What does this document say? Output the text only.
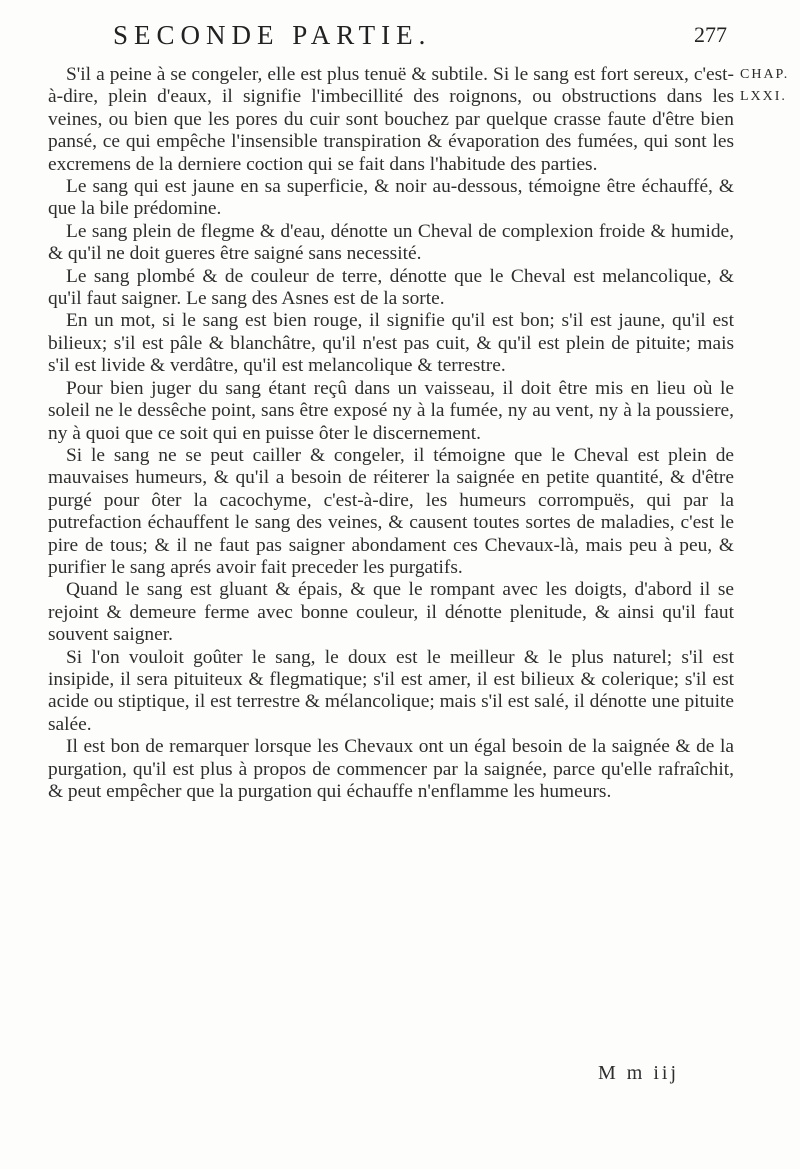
SECONDE PARTIE.	277
CHAP.
LXXI.

S'il a peine à se congeler, elle est plus tenuë & subtile. Si le sang est fort sereux, c'est-à-dire, plein d'eaux, il signifie l'imbecillité des roignons, ou obstructions dans les veines, ou bien que les pores du cuir sont bouchez par quelque crasse faute d'être bien pansé, ce qui empêche l'insensible transpiration & évaporation des fumées, qui sont les excremens de la derniere coction qui se fait dans l'habitude des parties.

Le sang qui est jaune en sa superficie, & noir au-dessous, témoigne être échauffé, & que la bile prédomine.

Le sang plein de flegme & d'eau, dénotte un Cheval de complexion froide & humide, & qu'il ne doit gueres être saigné sans necessité.

Le sang plombé & de couleur de terre, dénotte que le Cheval est melancolique, & qu'il faut saigner. Le sang des Asnes est de la sorte.

En un mot, si le sang est bien rouge, il signifie qu'il est bon; s'il est jaune, qu'il est bilieux; s'il est pâle & blanchâtre, qu'il n'est pas cuit, & qu'il est plein de pituite; mais s'il est livide & verdâtre, qu'il est melancolique & terrestre.

Pour bien juger du sang étant reçû dans un vaisseau, il doit être mis en lieu où le soleil ne le dessêche point, sans être exposé ny à la fumée, ny au vent, ny à la poussiere, ny à quoi que ce soit qui en puisse ôter le discernement.

Si le sang ne se peut cailler & congeler, il témoigne que le Cheval est plein de mauvaises humeurs, & qu'il a besoin de réiterer la saignée en petite quantité, & d'être purgé pour ôter la cacochyme, c'est-à-dire, les humeurs corrompuës, qui par la putrefaction échauffent le sang des veines, & causent toutes sortes de maladies, c'est le pire de tous; & il ne faut pas saigner abondament ces Chevaux-là, mais peu à peu, & purifier le sang aprés avoir fait preceder les purgatifs.

Quand le sang est gluant & épais, & que le rompant avec les doigts, d'abord il se rejoint & demeure ferme avec bonne couleur, il dénotte plenitude, & ainsi qu'il faut souvent saigner.

Si l'on vouloit goûter le sang, le doux est le meilleur & le plus naturel; s'il est insipide, il sera pituiteux & flegmatique; s'il est amer, il est bilieux & colerique; s'il est acide ou stiptique, il est terrestre & mélancolique; mais s'il est salé, il dénotte une pituite salée.

Il est bon de remarquer lorsque les Chevaux ont un égal besoin de la saignée & de la purgation, qu'il est plus à propos de commencer par la saignée, parce qu'elle rafraîchit, & peut empêcher que la purgation qui échauffe n'enflamme les humeurs.

M m iij
